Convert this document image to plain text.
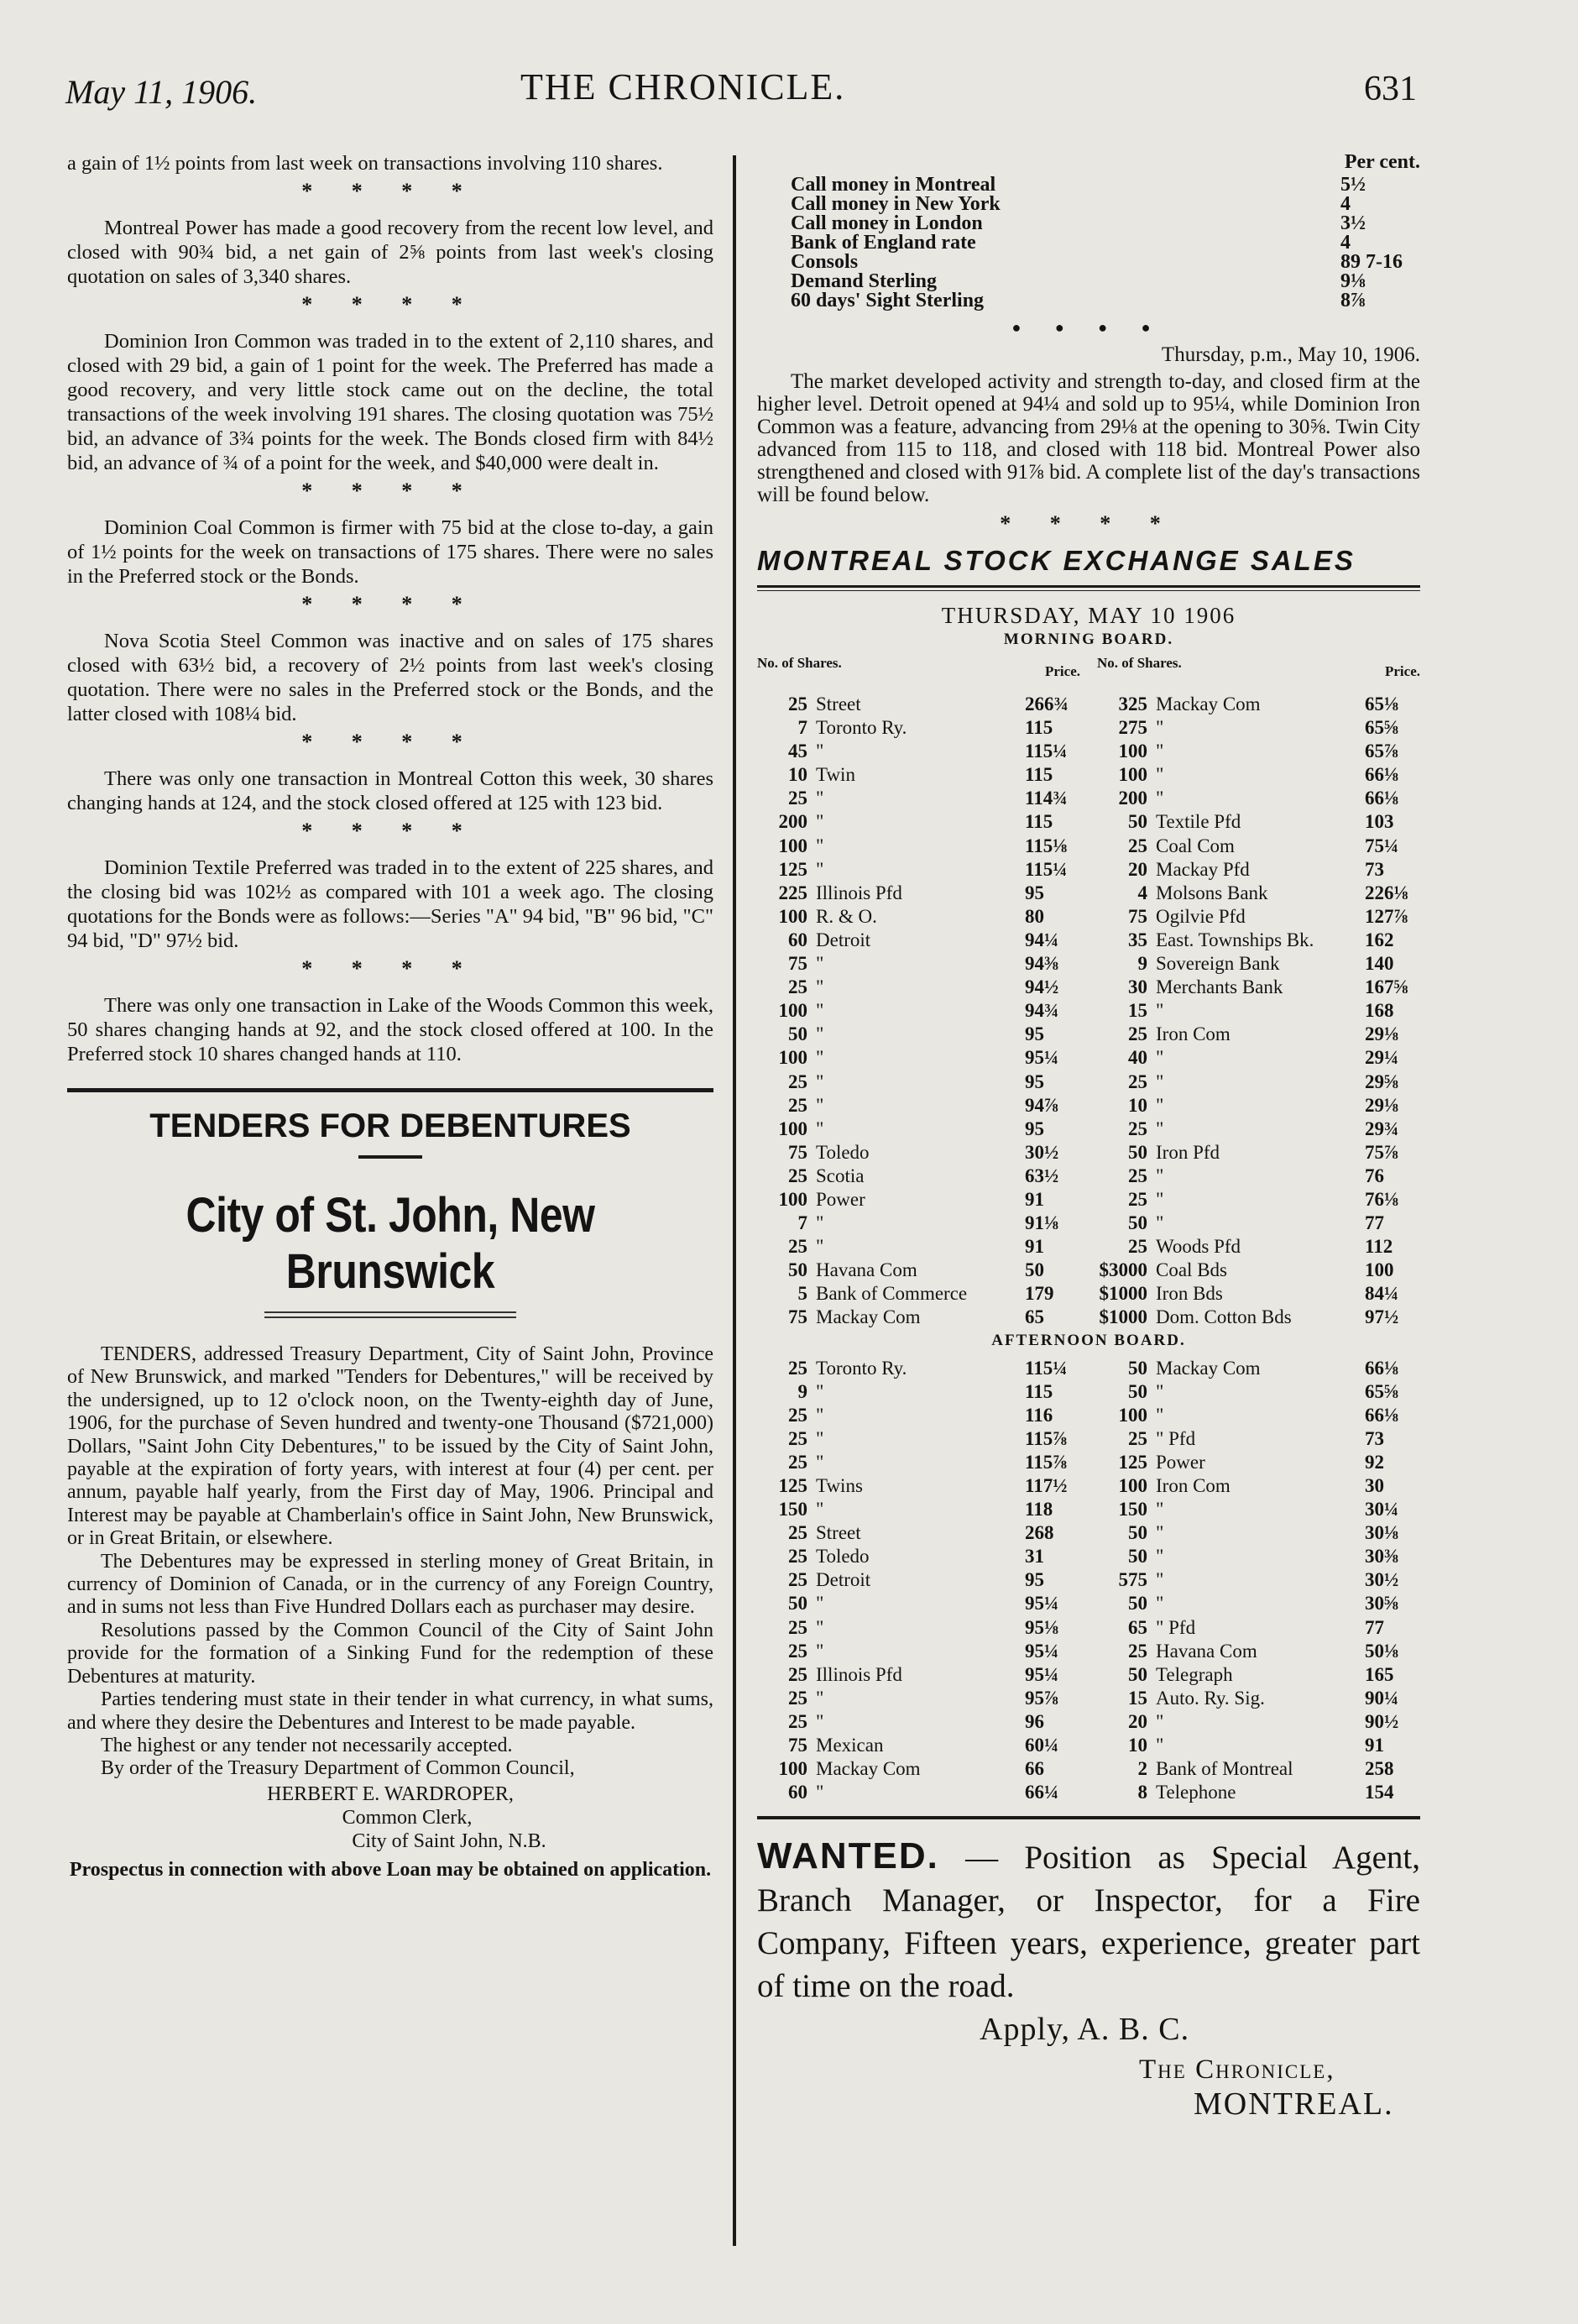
May 11, 1906.	THE CHRONICLE.	631

a gain of 1½ points from last week on transactions involving 110 shares.

* * * *

Montreal Power has made a good recovery from the recent low level, and closed with 90¾ bid, a net gain of 2⅝ points from last week's closing quotation on sales of 3,340 shares.

* * * *

Dominion Iron Common was traded in to the extent of 2,110 shares, and closed with 29 bid, a gain of 1 point for the week. The Preferred has made a good recovery, and very little stock came out on the decline, the total transactions of the week involving 191 shares. The closing quotation was 75½ bid, an advance of 3¾ points for the week. The Bonds closed firm with 84½ bid, an advance of ¾ of a point for the week, and $40,000 were dealt in.

* * * *

Dominion Coal Common is firmer with 75 bid at the close to-day, a gain of 1½ points for the week on transactions of 175 shares. There were no sales in the Preferred stock or the Bonds.

* * * *

Nova Scotia Steel Common was inactive and on sales of 175 shares closed with 63½ bid, a recovery of 2½ points from last week's closing quotation. There were no sales in the Preferred stock or the Bonds, and the latter closed with 108¼ bid.

* * * *

There was only one transaction in Montreal Cotton this week, 30 shares changing hands at 124, and the stock closed offered at 125 with 123 bid.

* * * *

Dominion Textile Preferred was traded in to the extent of 225 shares, and the closing bid was 102½ as compared with 101 a week ago. The closing quotations for the Bonds were as follows:—Series "A" 94 bid, "B" 96 bid, "C" 94 bid, "D" 97½ bid.

* * * *

There was only one transaction in Lake of the Woods Common this week, 50 shares changing hands at 92, and the stock closed offered at 100. In the Preferred stock 10 shares changed hands at 110.

TENDERS FOR DEBENTURES
City of St. John, New Brunswick

TENDERS, addressed Treasury Department, City of Saint John, Province of New Brunswick, and marked "Tenders for Debentures," will be received by the undersigned, up to 12 o'clock noon, on the Twenty-eighth day of June, 1906, for the purchase of Seven hundred and twenty-one Thousand ($721,000) Dollars, "Saint John City Debentures," to be issued by the City of Saint John, payable at the expiration of forty years, with interest at four (4) per cent. per annum, payable half yearly, from the First day of May, 1906. Principal and Interest may be payable at Chamberlain's office in Saint John, New Brunswick, or in Great Britain, or elsewhere.

The Debentures may be expressed in sterling money of Great Britain, in currency of Dominion of Canada, or in the currency of any Foreign Country, and in sums not less than Five Hundred Dollars each as purchaser may desire.

Resolutions passed by the Common Council of the City of Saint John provide for the formation of a Sinking Fund for the redemption of these Debentures at maturity.

Parties tendering must state in their tender in what currency, in what sums, and where they desire the Debentures and Interest to be made payable.

The highest or any tender not necessarily accepted.

By order of the Treasury Department of Common Council,

HERBERT E. WARDROPER,

Common Clerk,

City of Saint John, N.B.

Prospectus in connection with above Loan may be obtained on application.

Per cent.
Call money in Montreal	5½
Call money in New York	4
Call money in London	3½
Bank of England rate	4
Consols	89 7-16
Demand Sterling	9⅛
60 days' Sight Sterling	8⅞
● ● ● ●
Thursday, p.m., May 10, 1906.

The market developed activity and strength to-day, and closed firm at the higher level. Detroit opened at 94¼ and sold up to 95¼, while Dominion Iron Common was a feature, advancing from 29⅛ at the opening to 30⅝. Twin City advanced from 115 to 118, and closed with 118 bid. Montreal Power also strengthened and closed with 91⅞ bid. A complete list of the day's transactions will be found below.

* * * *
MONTREAL STOCK EXCHANGE SALES
THURSDAY, MAY 10 1906
MORNING BOARD.
No. of Shares.
Price.
25 Street	266¾
7 Toronto Ry.	115
45 "	115¼
10 Twin	115
25 "	114¾
200 "	115
100 "	115⅛
125 "	115¼
225 Illinois Pfd	95
100 R. & O.	80
60 Detroit	94¼
75 "	94⅜
25 "	94½
100 "	94¾
50 "	95
100 "	95¼
25 "	95
25 "	94⅞
100 "	95
75 Toledo	30½
25 Scotia	63½
100 Power	91
7 "	91⅛
25 "	91
50 Havana Com	50
5 Bank of Commerce	179
75 Mackay Com	65
No. of Shares.
Price.
325 Mackay Com	65⅛
275 "	65⅝
100 "	65⅞
100 "	66⅛
200 "	66⅛
50 Textile Pfd	103
25 Coal Com	75¼
20 Mackay Pfd	73
4 Molsons Bank	226⅛
75 Ogilvie Pfd	127⅞
35 East. Townships Bk.	162
9 Sovereign Bank	140
30 Merchants Bank	167⅝
15 "	168
25 Iron Com	29⅛
40 "	29¼
25 "	29⅝
10 "	29⅛
25 "	29¾
50 Iron Pfd	75⅞
25 "	76
25 "	76⅛
50 "	77
25 Woods Pfd	112
$3000 Coal Bds	100
$1000 Iron Bds	84¼
$1000 Dom. Cotton Bds	97½
AFTERNOON BOARD.
25 Toronto Ry.	115¼
9 "	115
25 "	116
25 "	115⅞
25 "	115⅞
125 Twins	117½
150 "	118
25 Street	268
25 Toledo	31
25 Detroit	95
50 "	95¼
25 "	95⅛
25 "	95¼
25 Illinois Pfd	95¼
25 "	95⅞
25 "	96
75 Mexican	60¼
100 Mackay Com	66
60 "	66¼
50 Mackay Com	66⅛
50 "	65⅝
100 "	66⅛
25 " Pfd	73
125 Power	92
100 Iron Com	30
150 "	30¼
50 "	30⅛
50 "	30⅜
575 "	30½
50 "	30⅝
65 " Pfd	77
25 Havana Com	50⅛
50 Telegraph	165
15 Auto. Ry. Sig.	90¼
20 "	90½
10 "	91
2 Bank of Montreal	258
8 Telephone	154

WANTED. — Position as Special Agent, Branch Manager, or Inspector, for a Fire Company, Fifteen years, experience, greater part of time on the road.

Apply, A. B. C.
The Chronicle,
MONTREAL.
